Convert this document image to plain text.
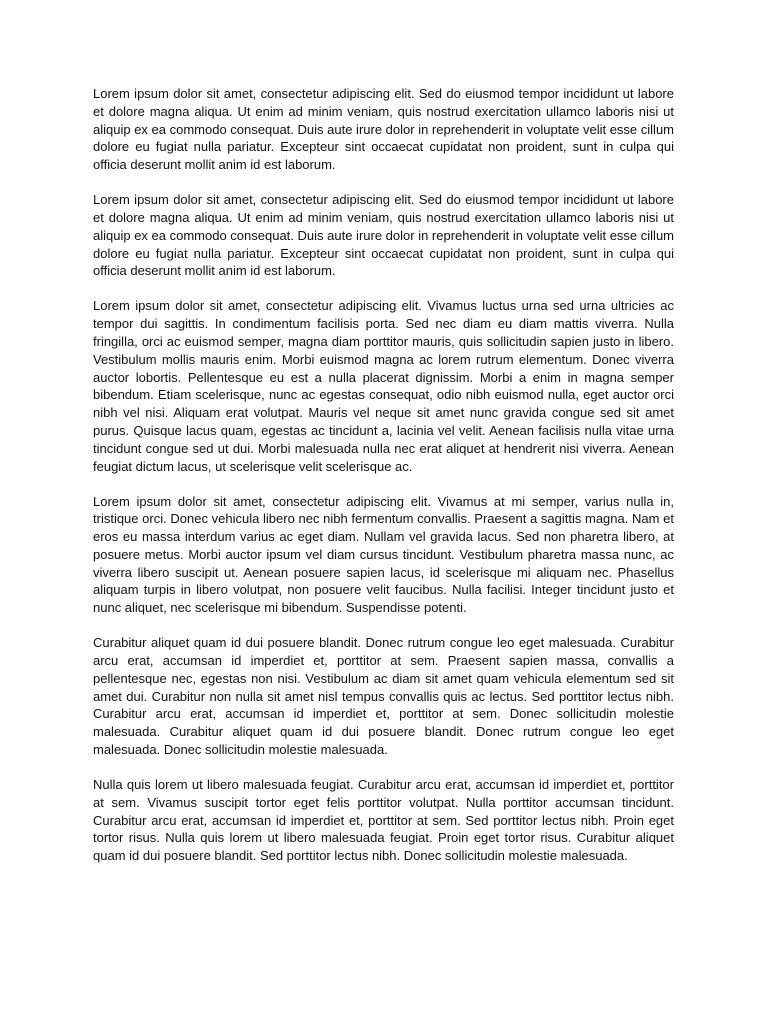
Lorem ipsum dolor sit amet, consectetur adipiscing elit. Sed do eiusmod tempor incididunt ut labore et dolore magna aliqua. Ut enim ad minim veniam, quis nostrud exercitation ullamco laboris nisi ut aliquip ex ea commodo consequat. Duis aute irure dolor in reprehenderit in voluptate velit esse cillum dolore eu fugiat nulla pariatur. Excepteur sint occaecat cupidatat non proident, sunt in culpa qui officia deserunt mollit anim id est laborum.

Lorem ipsum dolor sit amet, consectetur adipiscing elit. Sed do eiusmod tempor incididunt ut labore et dolore magna aliqua. Ut enim ad minim veniam, quis nostrud exercitation ullamco laboris nisi ut aliquip ex ea commodo consequat. Duis aute irure dolor in reprehenderit in voluptate velit esse cillum dolore eu fugiat nulla pariatur. Excepteur sint occaecat cupidatat non proident, sunt in culpa qui officia deserunt mollit anim id est laborum.

Lorem ipsum dolor sit amet, consectetur adipiscing elit. Vivamus luctus urna sed urna ultricies ac tempor dui sagittis. In condimentum facilisis porta. Sed nec diam eu diam mattis viverra. Nulla fringilla, orci ac euismod semper, magna diam porttitor mauris, quis sollicitudin sapien justo in libero. Vestibulum mollis mauris enim. Morbi euismod magna ac lorem rutrum elementum. Donec viverra auctor lobortis. Pellentesque eu est a nulla placerat dignissim. Morbi a enim in magna semper bibendum. Etiam scelerisque, nunc ac egestas consequat, odio nibh euismod nulla, eget auctor orci nibh vel nisi. Aliquam erat volutpat. Mauris vel neque sit amet nunc gravida congue sed sit amet purus. Quisque lacus quam, egestas ac tincidunt a, lacinia vel velit. Aenean facilisis nulla vitae urna tincidunt congue sed ut dui. Morbi malesuada nulla nec erat aliquet at hendrerit nisi viverra. Aenean feugiat dictum lacus, ut scelerisque velit scelerisque ac.

Lorem ipsum dolor sit amet, consectetur adipiscing elit. Vivamus at mi semper, varius nulla in, tristique orci. Donec vehicula libero nec nibh fermentum convallis. Praesent a sagittis magna. Nam et eros eu massa interdum varius ac eget diam. Nullam vel gravida lacus. Sed non pharetra libero, at posuere metus. Morbi auctor ipsum vel diam cursus tincidunt. Vestibulum pharetra massa nunc, ac viverra libero suscipit ut. Aenean posuere sapien lacus, id scelerisque mi aliquam nec. Phasellus aliquam turpis in libero volutpat, non posuere velit faucibus. Nulla facilisi. Integer tincidunt justo et nunc aliquet, nec scelerisque mi bibendum. Suspendisse potenti.

Curabitur aliquet quam id dui posuere blandit. Donec rutrum congue leo eget malesuada. Curabitur arcu erat, accumsan id imperdiet et, porttitor at sem. Praesent sapien massa, convallis a pellentesque nec, egestas non nisi. Vestibulum ac diam sit amet quam vehicula elementum sed sit amet dui. Curabitur non nulla sit amet nisl tempus convallis quis ac lectus. Sed porttitor lectus nibh. Curabitur arcu erat, accumsan id imperdiet et, porttitor at sem. Donec sollicitudin molestie malesuada. Curabitur aliquet quam id dui posuere blandit. Donec rutrum congue leo eget malesuada. Donec sollicitudin molestie malesuada.

Nulla quis lorem ut libero malesuada feugiat. Curabitur arcu erat, accumsan id imperdiet et, porttitor at sem. Vivamus suscipit tortor eget felis porttitor volutpat. Nulla porttitor accumsan tincidunt. Curabitur arcu erat, accumsan id imperdiet et, porttitor at sem. Sed porttitor lectus nibh. Proin eget tortor risus. Nulla quis lorem ut libero malesuada feugiat. Proin eget tortor risus. Curabitur aliquet quam id dui posuere blandit. Sed porttitor lectus nibh. Donec sollicitudin molestie malesuada.
